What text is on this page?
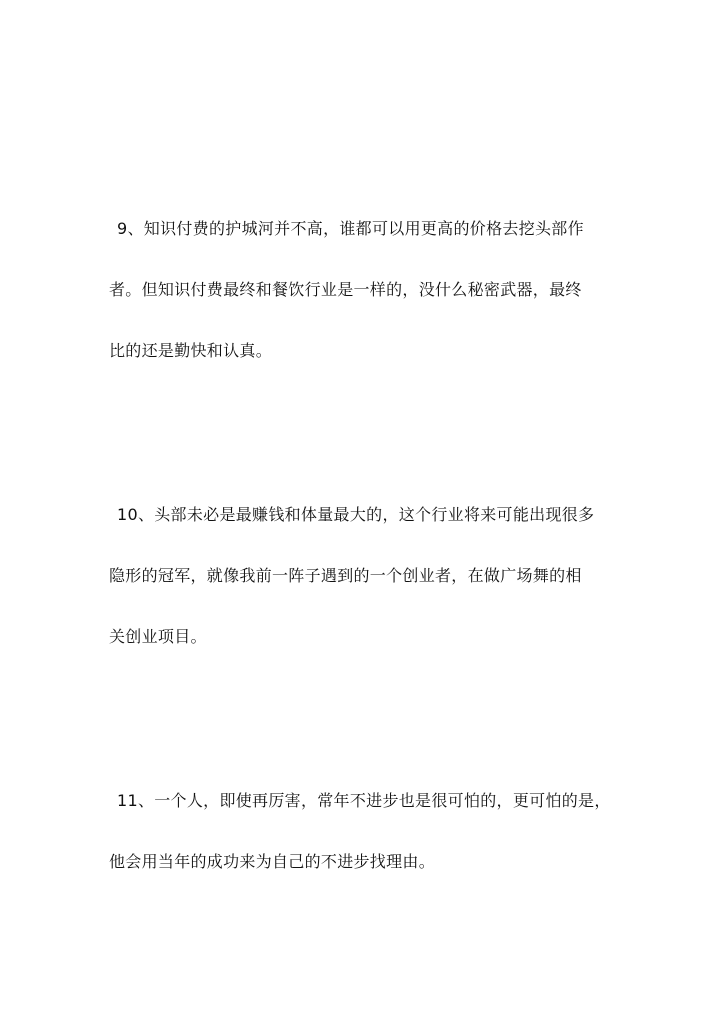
9、知识付费的护城河并不高，谁都可以用更高的价格去挖头部作
者。但知识付费最终和餐饮行业是一样的，没什么秘密武器，最终
比的还是勤快和认真。
10、头部未必是最赚钱和体量最大的，这个行业将来可能出现很多
隐形的冠军，就像我前一阵子遇到的一个创业者，在做广场舞的相
关创业项目。
11、一个人，即使再厉害，常年不进步也是很可怕的，更可怕的是，
他会用当年的成功来为自己的不进步找理由。
